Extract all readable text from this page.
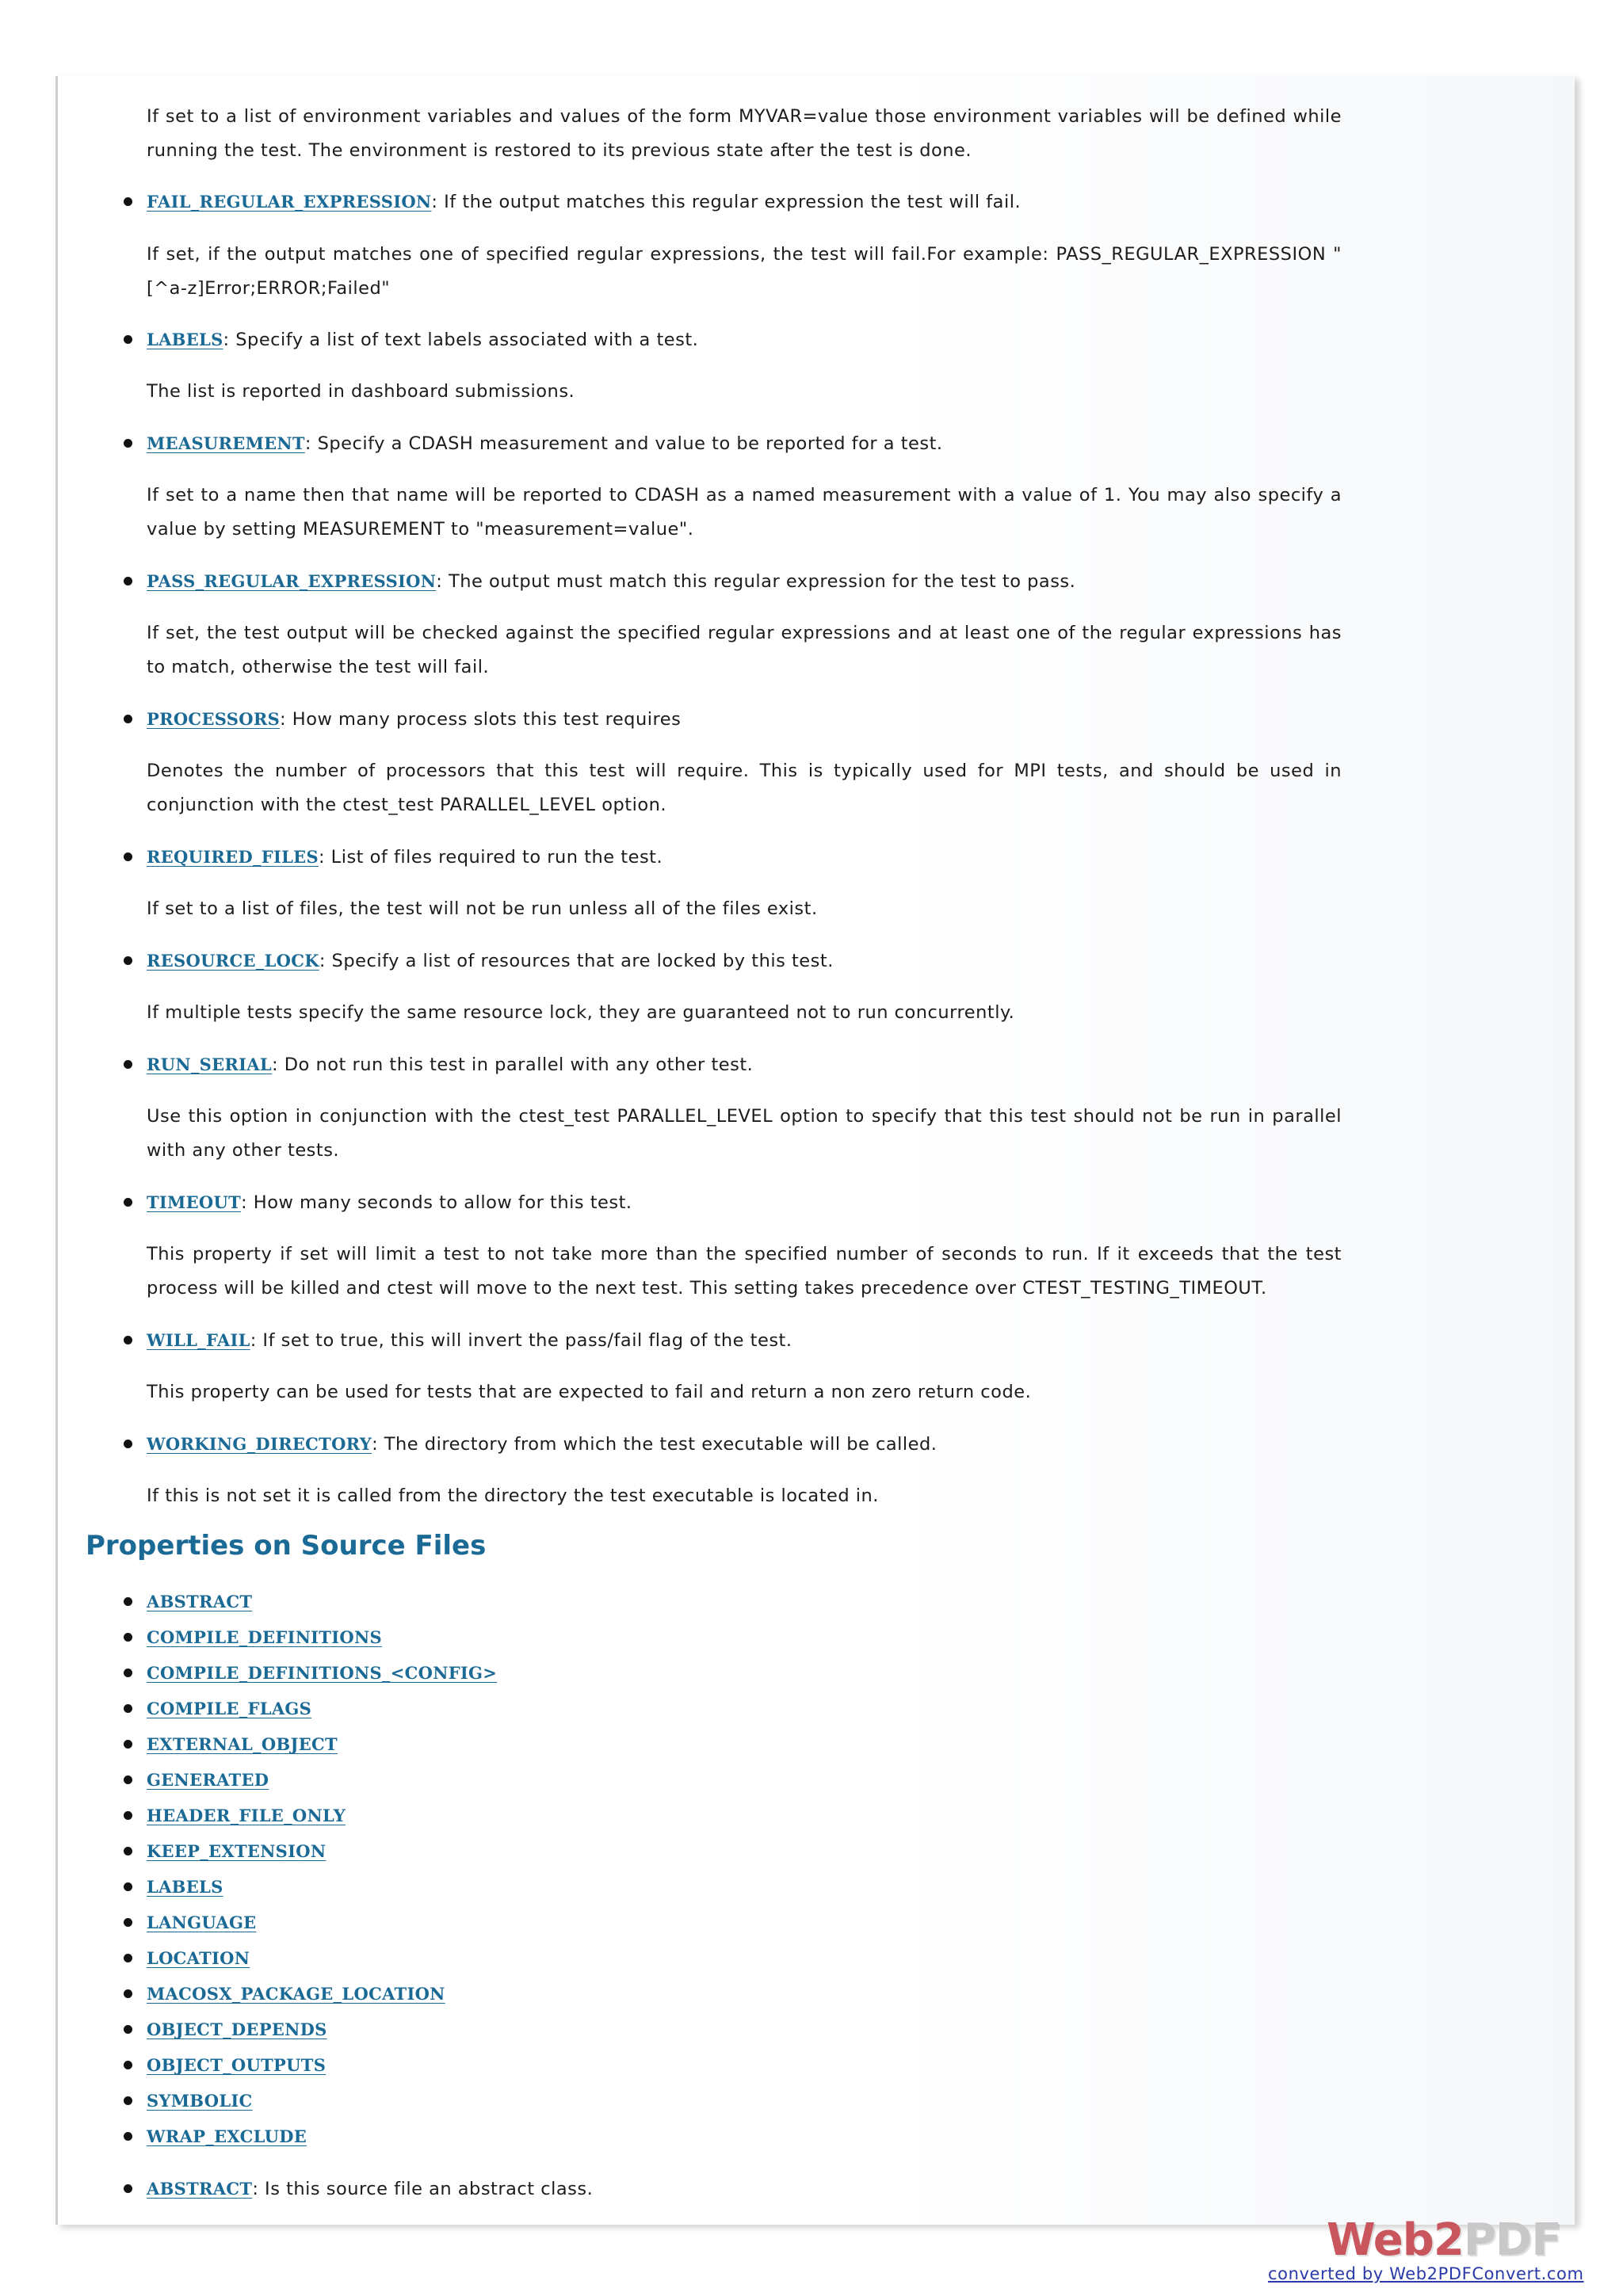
If set to a list of environment variables and values of the form MYVAR=value those environment variables will be defined while running the test. The environment is restored to its previous state after the test is done.

FAIL_REGULAR_EXPRESSION: If the output matches this regular expression the test will fail.

If set, if the output matches one of specified regular expressions, the test will fail.For example: PASS_REGULAR_EXPRESSION "[^a-z]Error;ERROR;Failed"

LABELS: Specify a list of text labels associated with a test.

The list is reported in dashboard submissions.

MEASUREMENT: Specify a CDASH measurement and value to be reported for a test.

If set to a name then that name will be reported to CDASH as a named measurement with a value of 1. You may also specify a value by setting MEASUREMENT to "measurement=value".

PASS_REGULAR_EXPRESSION: The output must match this regular expression for the test to pass.

If set, the test output will be checked against the specified regular expressions and at least one of the regular expressions has to match, otherwise the test will fail.

PROCESSORS: How many process slots this test requires

Denotes the number of processors that this test will require. This is typically used for MPI tests, and should be used in conjunction with the ctest_test PARALLEL_LEVEL option.

REQUIRED_FILES: List of files required to run the test.

If set to a list of files, the test will not be run unless all of the files exist.

RESOURCE_LOCK: Specify a list of resources that are locked by this test.

If multiple tests specify the same resource lock, they are guaranteed not to run concurrently.

RUN_SERIAL: Do not run this test in parallel with any other test.

Use this option in conjunction with the ctest_test PARALLEL_LEVEL option to specify that this test should not be run in parallel with any other tests.

TIMEOUT: How many seconds to allow for this test.

This property if set will limit a test to not take more than the specified number of seconds to run. If it exceeds that the test process will be killed and ctest will move to the next test. This setting takes precedence over CTEST_TESTING_TIMEOUT.

WILL_FAIL: If set to true, this will invert the pass/fail flag of the test.

This property can be used for tests that are expected to fail and return a non zero return code.

WORKING_DIRECTORY: The directory from which the test executable will be called.

If this is not set it is called from the directory the test executable is located in.

Properties on Source Files

ABSTRACT

COMPILE_DEFINITIONS

COMPILE_DEFINITIONS_<CONFIG>

COMPILE_FLAGS

EXTERNAL_OBJECT

GENERATED

HEADER_FILE_ONLY

KEEP_EXTENSION

LABELS

LANGUAGE

LOCATION

MACOSX_PACKAGE_LOCATION

OBJECT_DEPENDS

OBJECT_OUTPUTS

SYMBOLIC

WRAP_EXCLUDE

ABSTRACT: Is this source file an abstract class.

Web2PDF
converted by Web2PDFConvert.com
